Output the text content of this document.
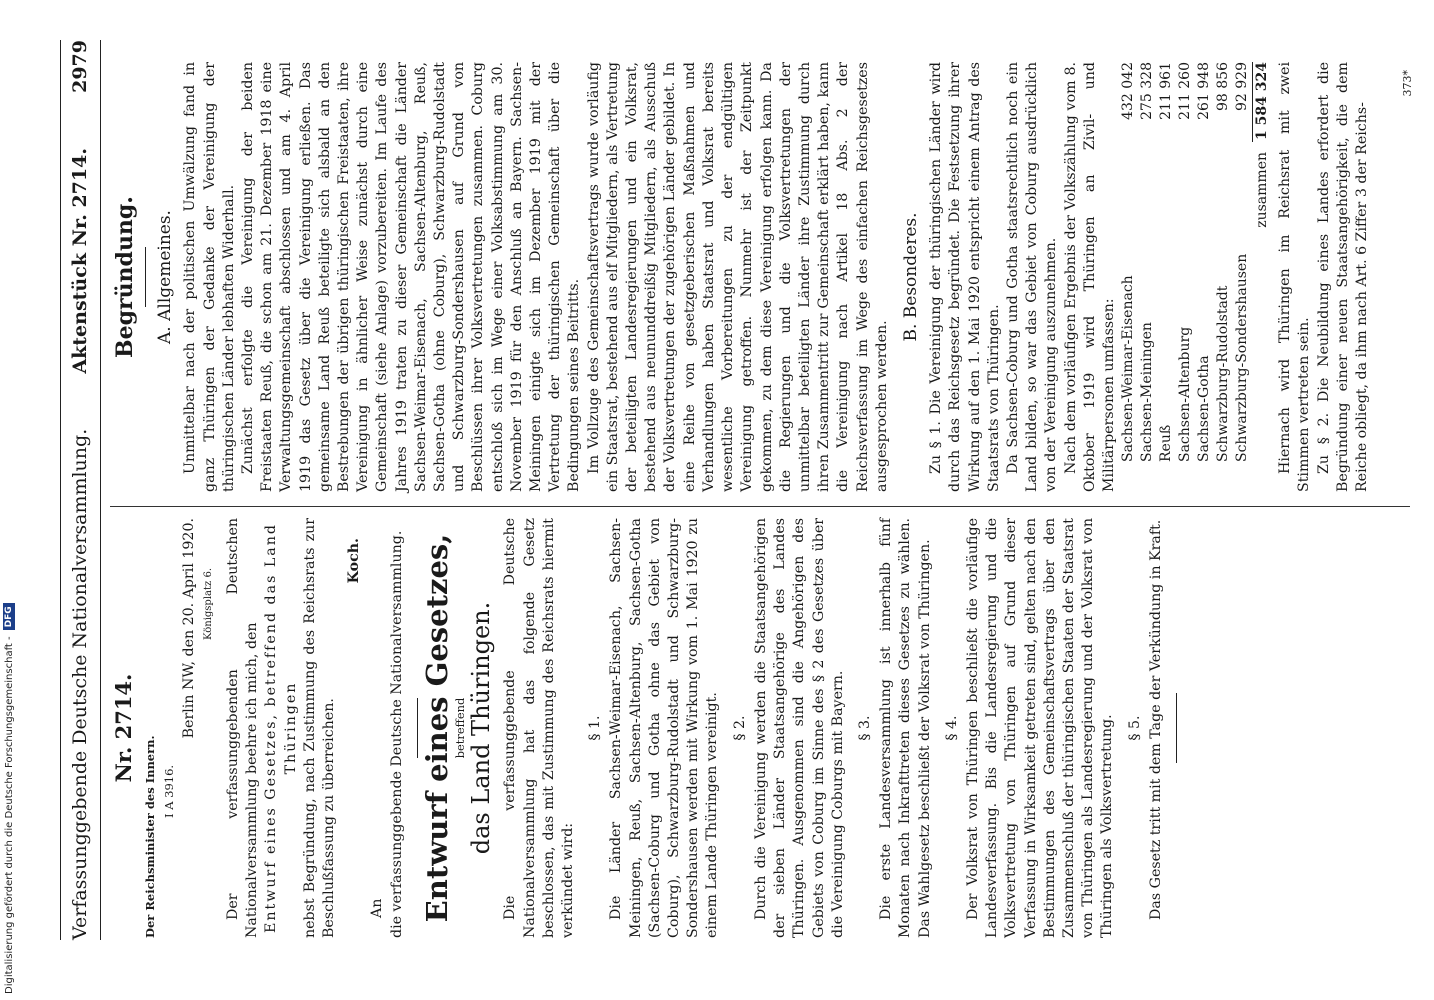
Verfassunggebende Deutsche Nationalversammlung.
Aktenstück Nr. 2714.
2979
Nr. 2714.
Der Reichsminister des Innern. I A 3916.
Berlin NW, den 20. April 1920. Königsplatz 6. Der verfassunggebenden Deutschen Nationalversammlung beehre ich mich, den Entwurf eines Gesetzes, betreffend das Land Thüringen nebst Begründung, nach Zustimmung des Reichsrats zur Beschlußfassung zu überreichen.

Koch.
An die verfassunggebende Deutsche Nationalversammlung. Entwurf eines Gesetzes, betreffend das Land Thüringen. Die verfassunggebende Deutsche Nationalversammlung hat das folgende Gesetz beschlossen, das mit Zustimmung des Reichsrats hiermit verkündet wird:

§ 1. Die Länder Sachsen-Weimar-Eisenach, Sachsen-Meiningen, Reuß, Sachsen-Altenburg, Sachsen-Gotha (Sachsen-Coburg und Gotha ohne das Gebiet von Coburg), Schwarzburg-Rudolstadt und Schwarzburg-Sondershausen werden mit Wirkung vom 1. Mai 1920 zu einem Lande Thüringen vereinigt. § 2. Durch die Vereinigung werden die Staatsangehörigen der sieben Länder Staatsangehörige des Landes Thüringen. Ausgenommen sind die Angehörigen des Gebiets von Coburg im Sinne des § 2 des Gesetzes über die Vereinigung Coburgs mit Bayern. § 3. Die erste Landesversammlung ist innerhalb fünf Monaten nach Inkrafttreten dieses Gesetzes zu wählen. Das Wahlgesetz beschließt der Volksrat von Thüringen. § 4. Der Volksrat von Thüringen beschließt die vorläufige Landesverfassung. Bis die Landesregierung und die Volksvertretung von Thüringen auf Grund dieser Verfassung in Wirksamkeit getreten sind, gelten nach den Bestimmungen des Gemeinschaftsvertrags über den Zusammenschluß der thüringischen Staaten der Staatsrat von Thüringen als Landesregierung und der Volksrat von Thüringen als Volksvertretung. § 5. Das Gesetz tritt mit dem Tage der Verkündung in Kraft.

Begründung. A. Allgemeines. Unmittelbar nach der politischen Umwälzung fand in ganz Thüringen der Gedanke der Vereinigung der thüringischen Länder lebhaften Widerhall. Zunächst erfolgte die Vereinigung der beiden Freistaaten Reuß, die schon am 21. Dezember 1918 eine Verwaltungsgemeinschaft abschlossen und am 4. April 1919 das Gesetz über die Vereinigung erließen. Das gemeinsame Land Reuß beteiligte sich alsbald an den Bestrebungen der übrigen thüringischen Freistaaten, ihre Vereinigung in ähnlicher Weise zunächst durch eine Gemeinschaft (siehe Anlage) vorzubereiten. Im Laufe des Jahres 1919 traten zu dieser Gemeinschaft die Länder Sachsen-Weimar-Eisenach, Sachsen-Altenburg, Reuß, Sachsen-Gotha (ohne Coburg), Schwarzburg-Rudolstadt und Schwarzburg-Sondershausen auf Grund von Beschlüssen ihrer Volksvertretungen zusammen. Coburg entschloß sich im Wege einer Volksabstimmung am 30. November 1919 für den Anschluß an Bayern. Sachsen-Meiningen einigte sich im Dezember 1919 mit der Vertretung der thüringischen Gemeinschaft über die Bedingungen seines Beitritts. Im Vollzuge des Gemeinschaftsvertrags wurde vorläufig ein Staatsrat, bestehend aus elf Mitgliedern, als Vertretung der beteiligten Landesregierungen und ein Volksrat, bestehend aus neununddreißig Mitgliedern, als Ausschuß der Volksvertretungen der zugehörigen Länder gebildet. In eine Reihe von gesetzgeberischen Maßnahmen und Verhandlungen haben Staatsrat und Volksrat bereits wesentliche Vorbereitungen zu der endgültigen Vereinigung getroffen. Nunmehr ist der Zeitpunkt gekommen, zu dem diese Vereinigung erfolgen kann. Da die Regierungen und die Volksvertretungen der unmittelbar beteiligten Länder ihre Zustimmung durch ihren Zusammentritt zur Gemeinschaft erklärt haben, kann die Vereinigung nach Artikel 18 Abs. 2 der Reichsverfassung im Wege des einfachen Reichsgesetzes ausgesprochen werden.

B. Besonderes. Zu § 1. Die Vereinigung der thüringischen Länder wird durch das Reichsgesetz begründet. Die Festsetzung ihrer Wirkung auf den 1. Mai 1920 entspricht einem Antrag des Staatsrats von Thüringen. Da Sachsen-Coburg und Gotha staatsrechtlich noch ein Land bilden, so war das Gebiet von Coburg ausdrücklich von der Vereinigung auszunehmen. Nach dem vorläufigen Ergebnis der Volkszählung vom 8. Oktober 1919 wird Thüringen an Zivil- und Militärpersonen umfassen: Sachsen-Weimar-Eisenach	432 042
Sachsen-Meiningen	275 328
Reuß	211 961
Sachsen-Altenburg	211 260
Sachsen-Gotha	261 948
Schwarzburg-Rudolstadt	98 856
Schwarzburg-Sondershausen	92 929
zusammen	1 584 324 Hiernach wird Thüringen im Reichsrat mit zwei Stimmen vertreten sein. Zu § 2. Die Neubildung eines Landes erfordert die Begründung einer neuen Staatsangehörigkeit, die dem Reiche obliegt, da ihm nach Art. 6 Ziffer 3 der Reichs-

373*
Digitalisierung gefördert durch die Deutsche Forschungsgemeinschaft -
DFG
